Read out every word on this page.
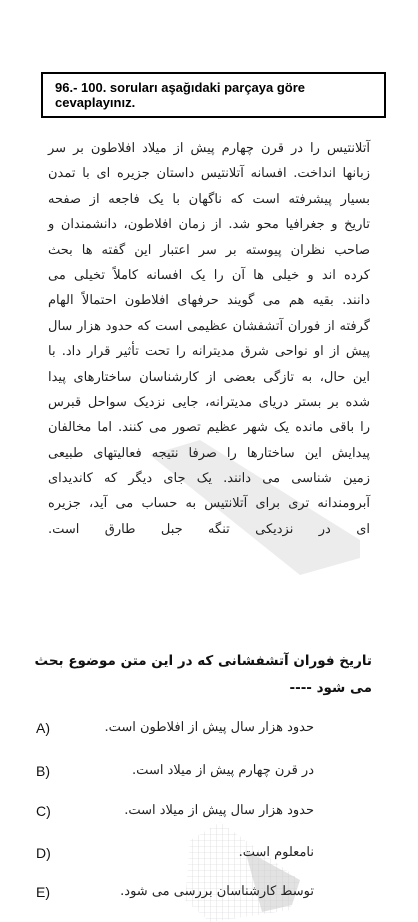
96.- 100. soruları aşağıdaki parçaya göre
cevaplayınız.
آتلانتیس را در قرن چهارم پیش از میلاد افلاطون بر سر
زبانها انداخت. افسانه آتلانتیس داستان جزیره ای با تمدن
بسیار پیشرفته است که ناگهان با یک فاجعه از صفحه
تاریخ و جغرافیا محو شد. از زمان افلاطون، دانشمندان و
صاحب نظران پیوسته بر سر اعتبار این گفته ها بحث
کرده اند و خیلی ها آن را یک افسانه کاملاً تخیلی می
دانند. بقیه هم می گویند حرفهای افلاطون احتمالاً الهام
گرفته از فوران آتشفشان عظیمی است که حدود هزار سال
پیش از او نواحی شرق مدیترانه را تحت تأثیر قرار داد. با
این حال، به تازگی بعضی از کارشناسان ساختارهای پیدا
شده بر بستر دریای مدیترانه، جایی نزدیک سواحل قبرس
را باقی مانده یک شهر عظیم تصور می کنند. اما مخالفان
پیدایش این ساختارها را صرفا نتیجه فعالیتهای طبیعی
زمین شناسی می دانند. یک جای دیگر که کاندیدای
آبرومندانه تری برای آتلانتیس به حساب می آید، جزیره
ای در نزدیکی تنگه جبل طارق است.
تاریخ فوران آتشفشانی که در این متن موضوع بحث
می شود ----
A)	حدود هزار سال پیش از افلاطون است.
B)	در قرن چهارم پیش از میلاد است.
C)	حدود هزار سال پیش از میلاد است.
D)	نامعلوم است.
E)	توسط کارشناسان بررسی می شود.
